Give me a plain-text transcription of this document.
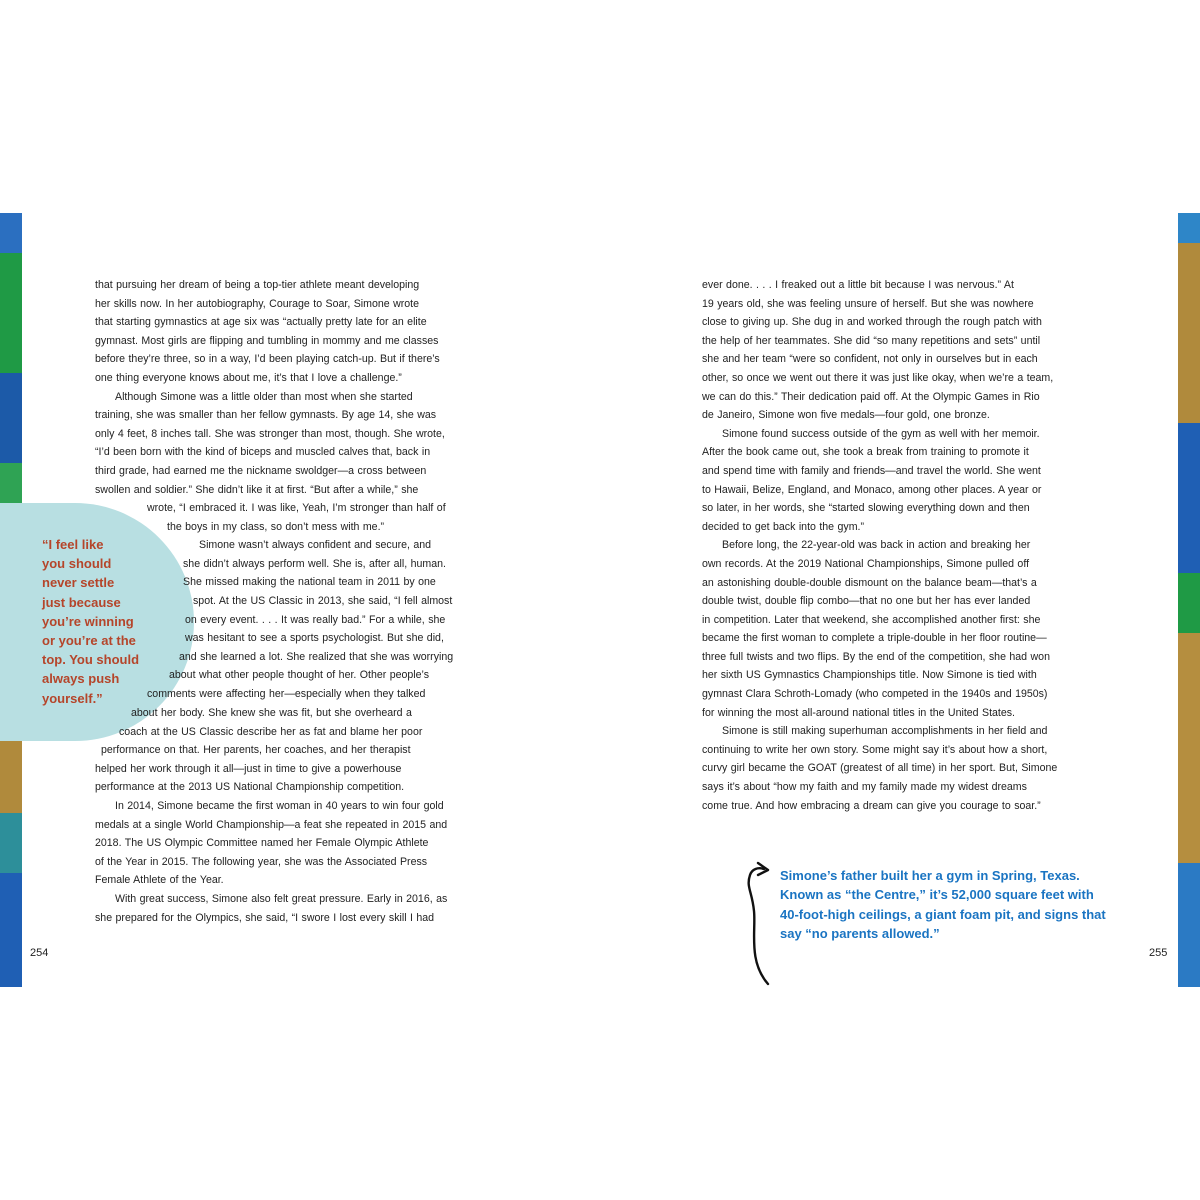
that pursuing her dream of being a top-tier athlete meant developing
her skills now. In her autobiography, Courage to Soar, Simone wrote
that starting gymnastics at age six was “actually pretty late for an elite
gymnast. Most girls are flipping and tumbling in mommy and me classes
before they’re three, so in a way, I’d been playing catch-up. But if there’s
one thing everyone knows about me, it’s that I love a challenge.”
Although Simone was a little older than most when she started
training, she was smaller than her fellow gymnasts. By age 14, she was
only 4 feet, 8 inches tall. She was stronger than most, though. She wrote,
“I’d been born with the kind of biceps and muscled calves that, back in
third grade, had earned me the nickname swoldger—a cross between
swollen and soldier.” She didn’t like it at first. “But after a while,” she
“I feel like
you should
never settle
just because
you’re winning
or you’re at the
top. You should
always push
yourself.”
wrote, “I embraced it. I was like, Yeah, I’m stronger than half of
the boys in my class, so don’t mess with me.”
Simone wasn’t always confident and secure, and
she didn’t always perform well. She is, after all, human.
She missed making the national team in 2011 by one
spot. At the US Classic in 2013, she said, “I fell almost
on every event. . . . It was really bad.” For a while, she
was hesitant to see a sports psychologist. But she did,
and she learned a lot. She realized that she was worrying
about what other people thought of her. Other people’s
comments were affecting her—especially when they talked
about her body. She knew she was fit, but she overheard a
coach at the US Classic describe her as fat and blame her poor
performance on that. Her parents, her coaches, and her therapist
helped her work through it all—just in time to give a powerhouse
performance at the 2013 US National Championship competition.
In 2014, Simone became the first woman in 40 years to win four gold
medals at a single World Championship—a feat she repeated in 2015 and
2018. The US Olympic Committee named her Female Olympic Athlete
of the Year in 2015. The following year, she was the Associated Press
Female Athlete of the Year.
With great success, Simone also felt great pressure. Early in 2016, as
she prepared for the Olympics, she said, “I swore I lost every skill I had
254
ever done. . . . I freaked out a little bit because I was nervous.” At
19 years old, she was feeling unsure of herself. But she was nowhere
close to giving up. She dug in and worked through the rough patch with
the help of her teammates. She did “so many repetitions and sets” until
she and her team “were so confident, not only in ourselves but in each
other, so once we went out there it was just like okay, when we’re a team,
we can do this.” Their dedication paid off. At the Olympic Games in Rio
de Janeiro, Simone won five medals—four gold, one bronze.
Simone found success outside of the gym as well with her memoir.
After the book came out, she took a break from training to promote it
and spend time with family and friends—and travel the world. She went
to Hawaii, Belize, England, and Monaco, among other places. A year or
so later, in her words, she “started slowing everything down and then
decided to get back into the gym.”
Before long, the 22-year-old was back in action and breaking her
own records. At the 2019 National Championships, Simone pulled off
an astonishing double-double dismount on the balance beam—that’s a
double twist, double flip combo—that no one but her has ever landed
in competition. Later that weekend, she accomplished another first: she
became the first woman to complete a triple-double in her floor routine—
three full twists and two flips. By the end of the competition, she had won
her sixth US Gymnastics Championships title. Now Simone is tied with
gymnast Clara Schroth-Lomady (who competed in the 1940s and 1950s)
for winning the most all-around national titles in the United States.
Simone is still making superhuman accomplishments in her field and
continuing to write her own story. Some might say it’s about how a short,
curvy girl became the GOAT (greatest of all time) in her sport. But, Simone
says it’s about “how my faith and my family made my widest dreams
come true. And how embracing a dream can give you courage to soar.”
Simone’s father built her a gym in Spring, Texas.
Known as “the Centre,” it’s 52,000 square feet with
40-foot-high ceilings, a giant foam pit, and signs that
say “no parents allowed.”
255
